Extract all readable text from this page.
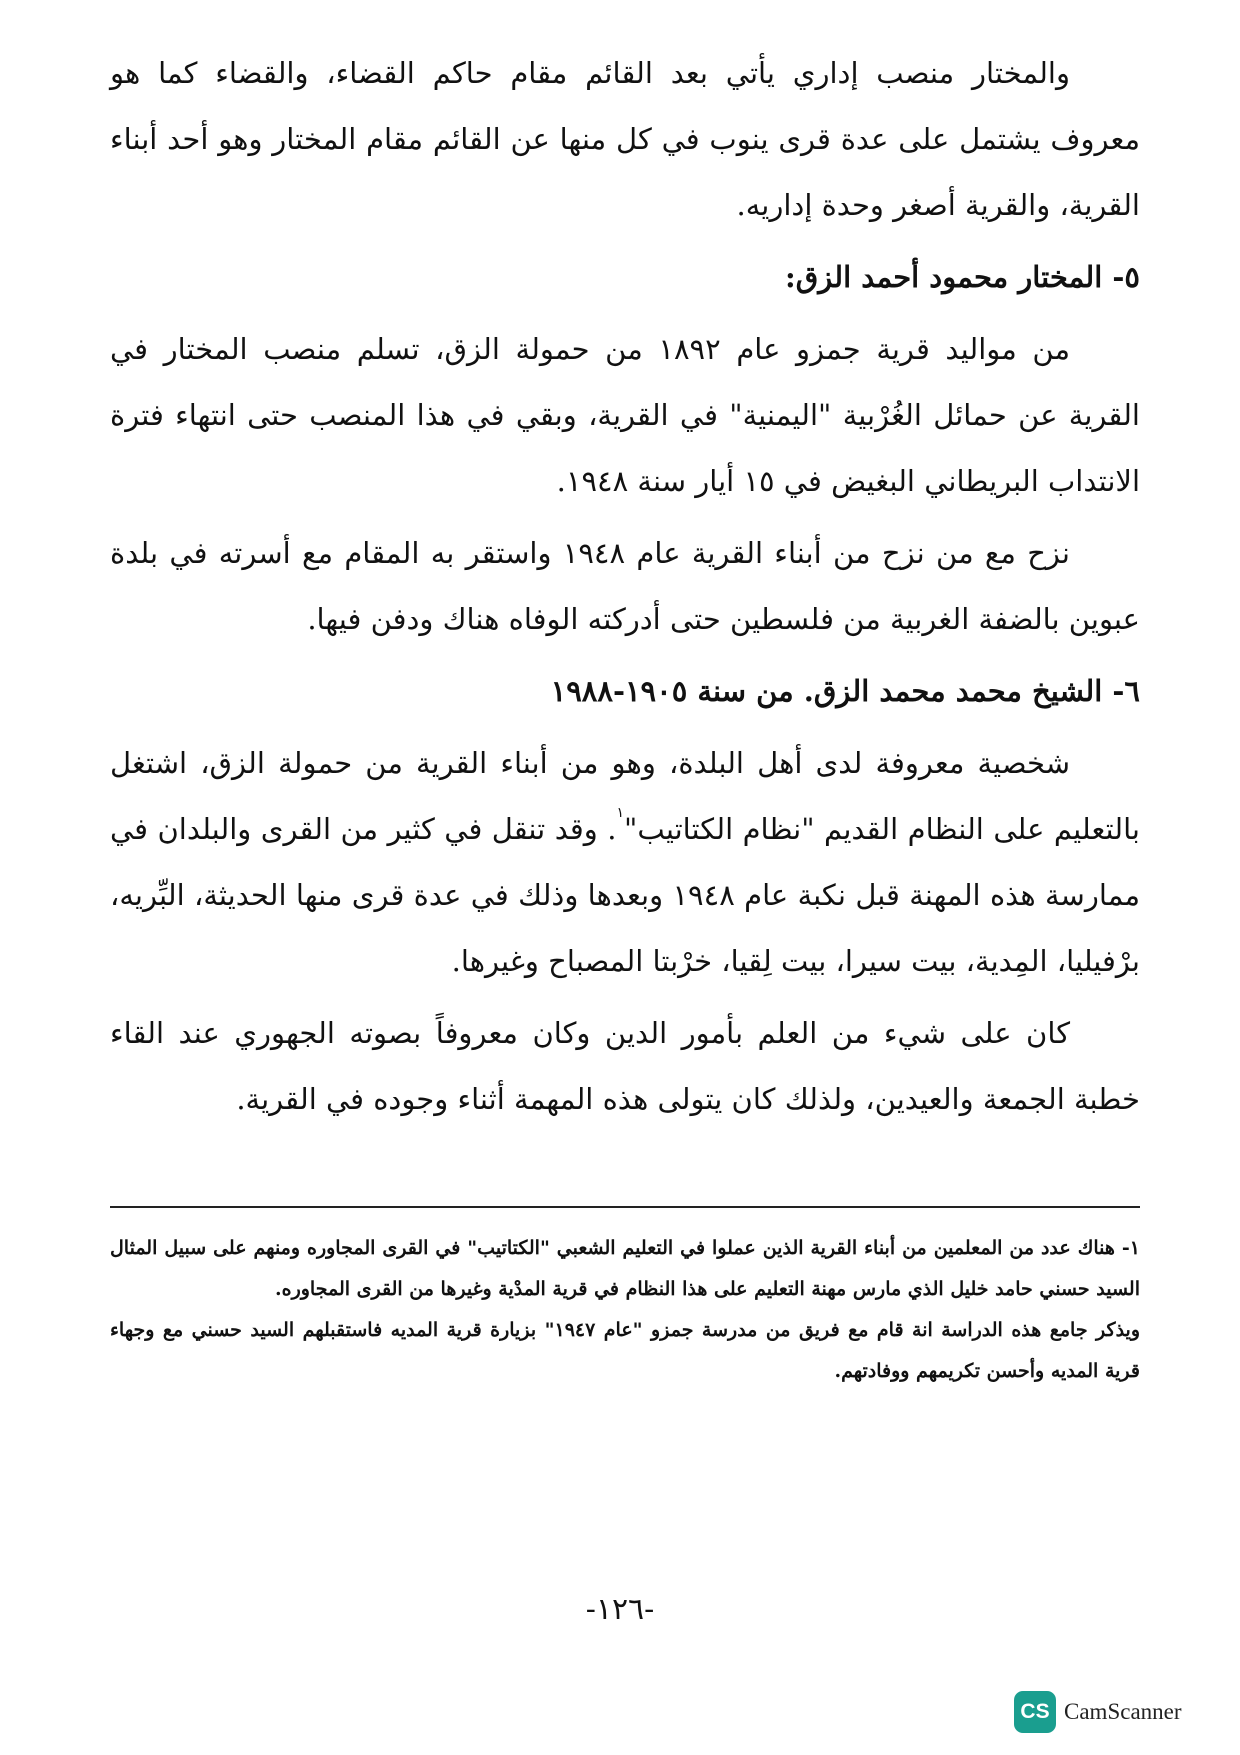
والمختار منصب إداري يأتي بعد القائم مقام حاكم القضاء، والقضاء كما هو معروف يشتمل على عدة قرى ينوب في كل منها عن القائم مقام المختار وهو أحد أبناء القرية، والقرية أصغر وحدة إداريه.

٥- المختار محمود أحمد الزق:

من مواليد قرية جمزو عام ١٨٩٢ من حمولة الزق، تسلم منصب المختار في القرية عن حمائل الغُرْبية "اليمنية" في القرية، وبقي في هذا المنصب حتى انتهاء فترة الانتداب البريطاني البغيض في ١٥ أيار سنة ١٩٤٨.

نزح مع من نزح من أبناء القرية عام ١٩٤٨ واستقر به المقام مع أسرته في بلدة عبوين بالضفة الغربية من فلسطين حتى أدركته الوفاه هناك ودفن فيها.

٦- الشيخ محمد محمد الزق. من سنة ١٩٠٥-١٩٨٨

شخصية معروفة لدى أهل البلدة، وهو من أبناء القرية من حمولة الزق، اشتغل بالتعليم على النظام القديم "نظام الكتاتيب"$^١$. وقد تنقل في كثير من القرى والبلدان في ممارسة هذه المهنة قبل نكبة عام ١٩٤٨ وبعدها وذلك في عدة قرى منها الحديثة، البِّريه، برْفيليا، المِدية، بيت سيرا، بيت لِقيا، خرْبتا المصباح وغيرها.

كان على شيء من العلم بأمور الدين وكان معروفاً بصوته الجهوري عند القاء خطبة الجمعة والعيدين، ولذلك كان يتولى هذه المهمة أثناء وجوده في القرية.

١- هناك عدد من المعلمين من أبناء القرية الذين عملوا في التعليم الشعبي "الكتاتيب" في القرى المجاوره ومنهم على سبيل المثال السيد حسني حامد خليل الذي مارس مهنة التعليم على هذا النظام في قرية المدْية وغيرها من القرى المجاوره.

ويذكر جامع هذه الدراسة انة قام مع فريق من مدرسة جمزو "عام ١٩٤٧" بزيارة قرية المديه فاستقبلهم السيد حسني مع وجهاء قرية المديه وأحسن تكريمهم ووفادتهم.

-١٢٦-
CS CamScanner
